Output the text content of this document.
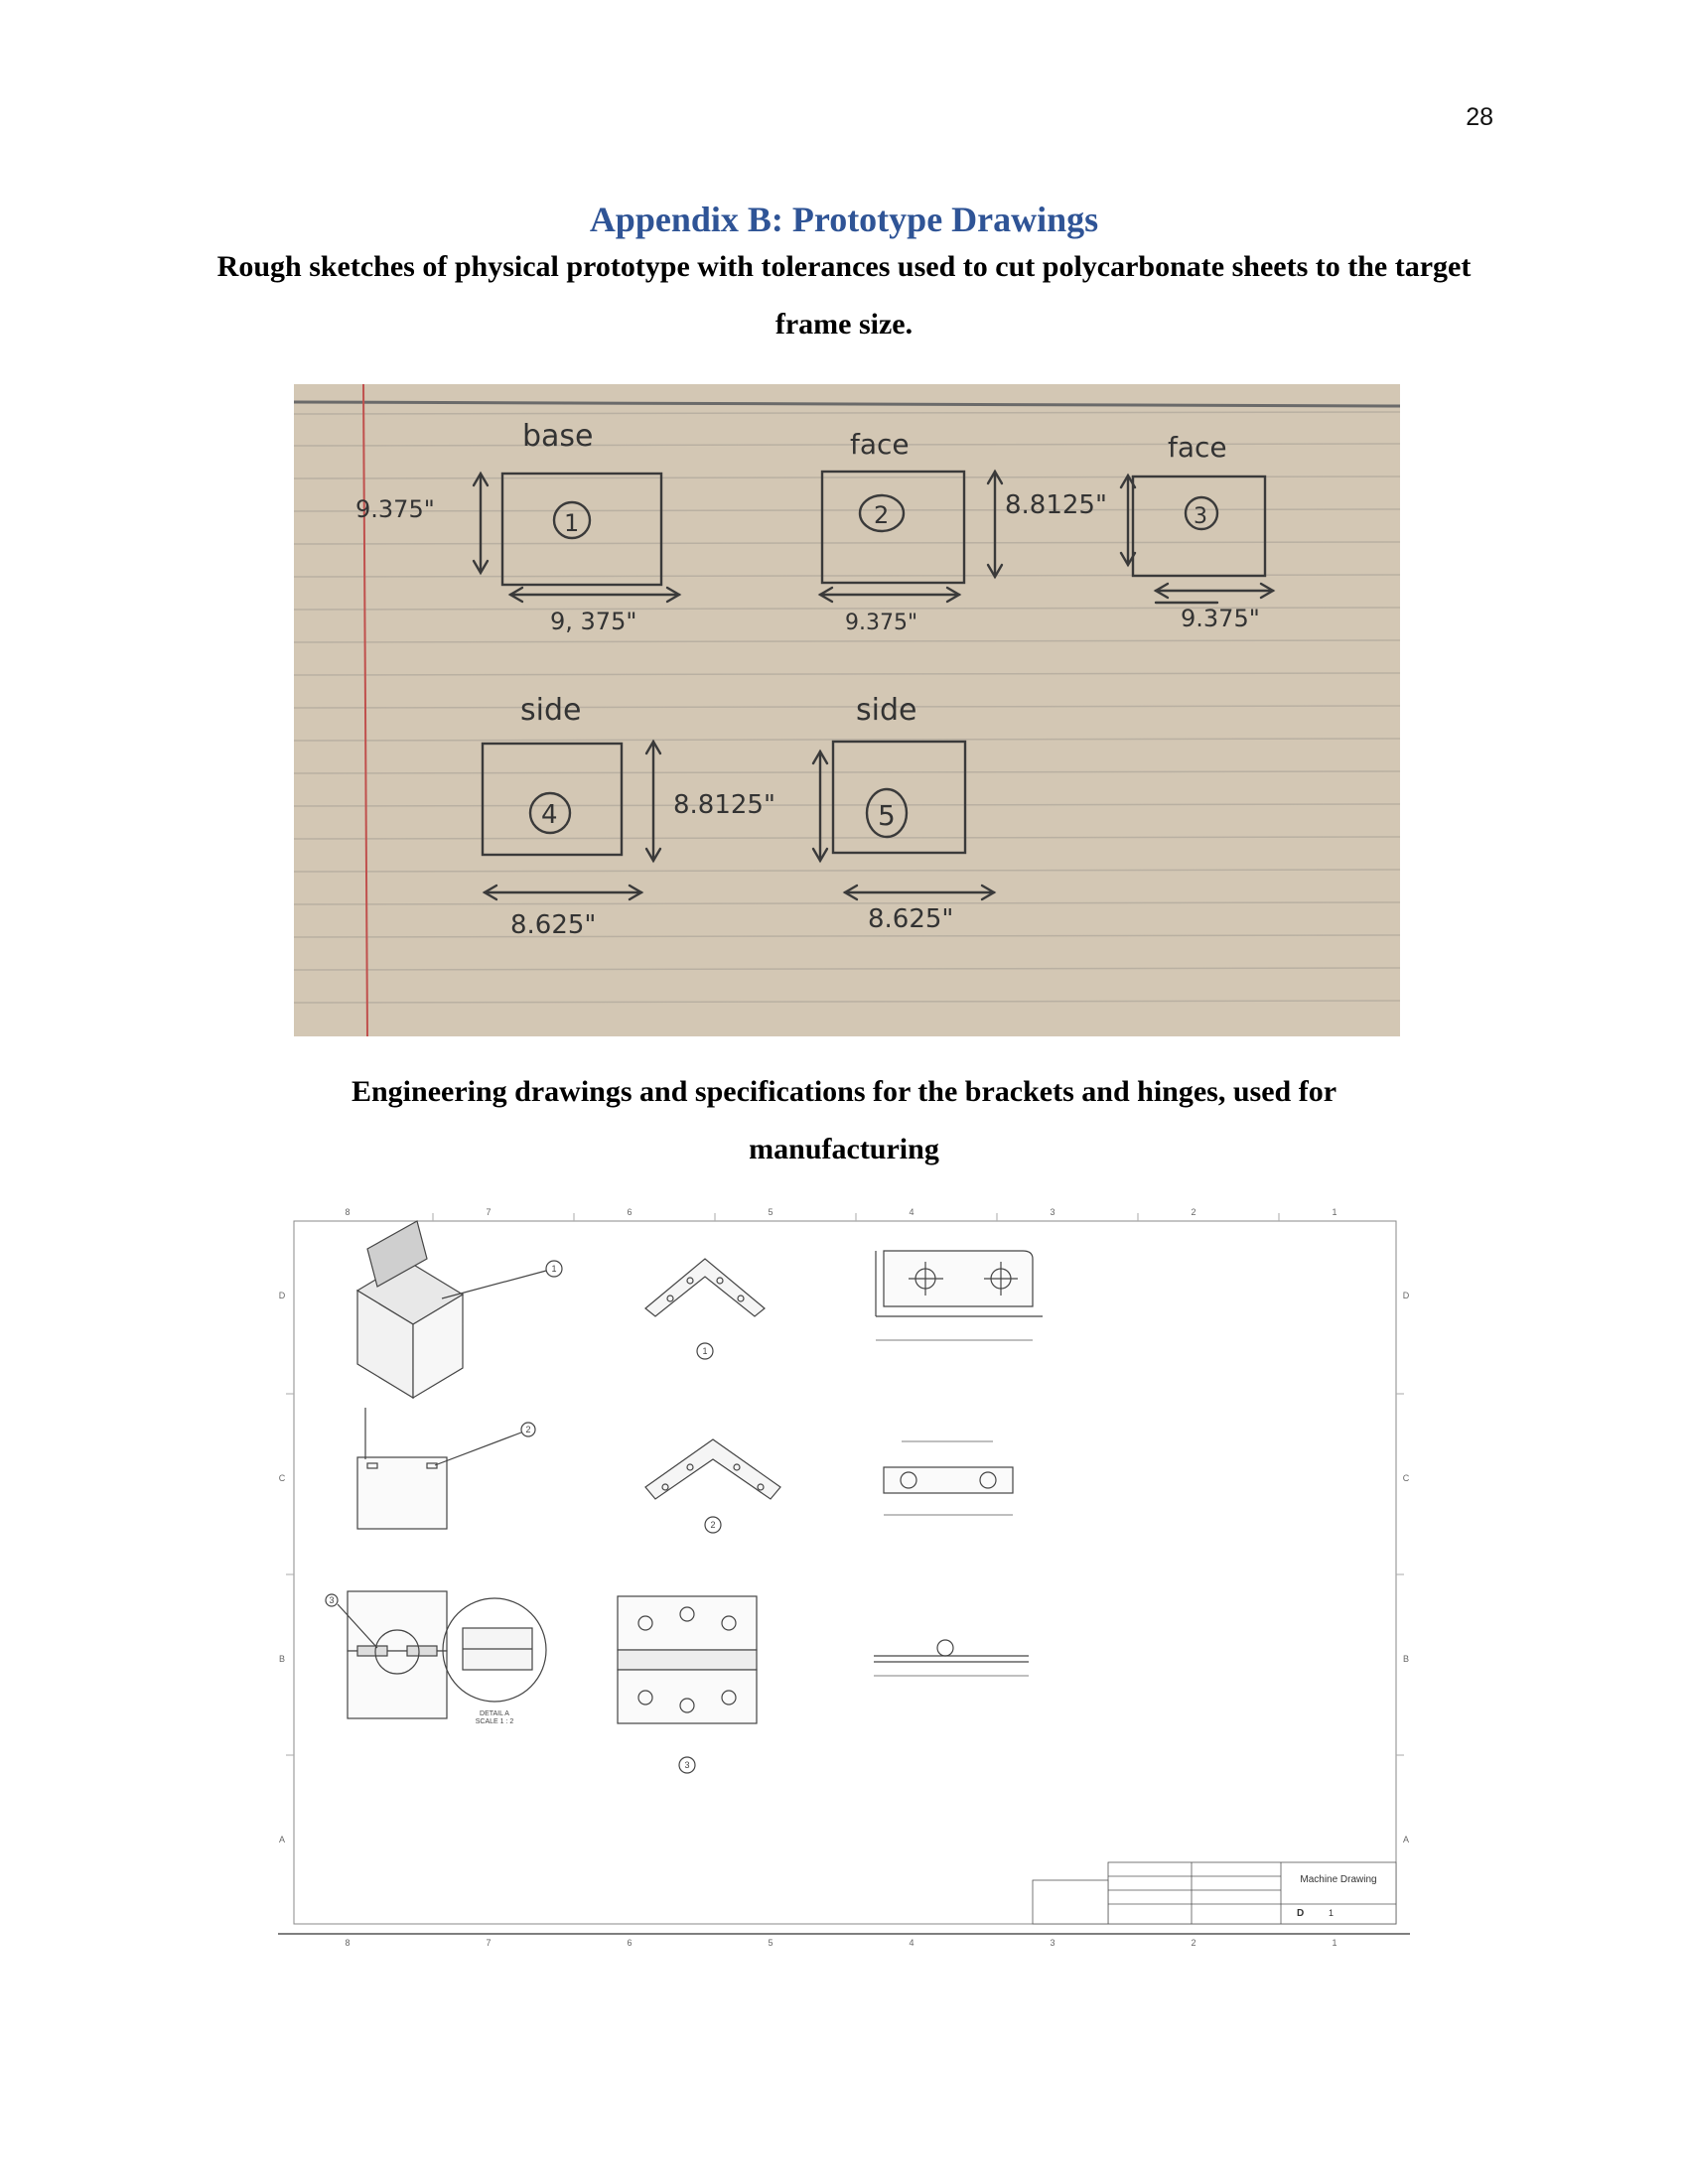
28
Appendix B: Prototype Drawings
Rough sketches of physical prototype with tolerances used to cut polycarbonate sheets to the target frame size.
base	face	face
side	side
1	2	3
4	5
9.375"
9, 375"	9.375"
8.8125"
9.375"
8.8125"
8.625"	8.625"
Engineering drawings and specifications for the brackets and hinges, used for manufacturing
8	7	6	5	4	3	2	1
8	7	6	5	4	3	2	1
D
C
B
A
D
C
B
A
1
1
2
2
3
3
DETAIL A
SCALE 1 : 2
Machine Drawing
D	1
